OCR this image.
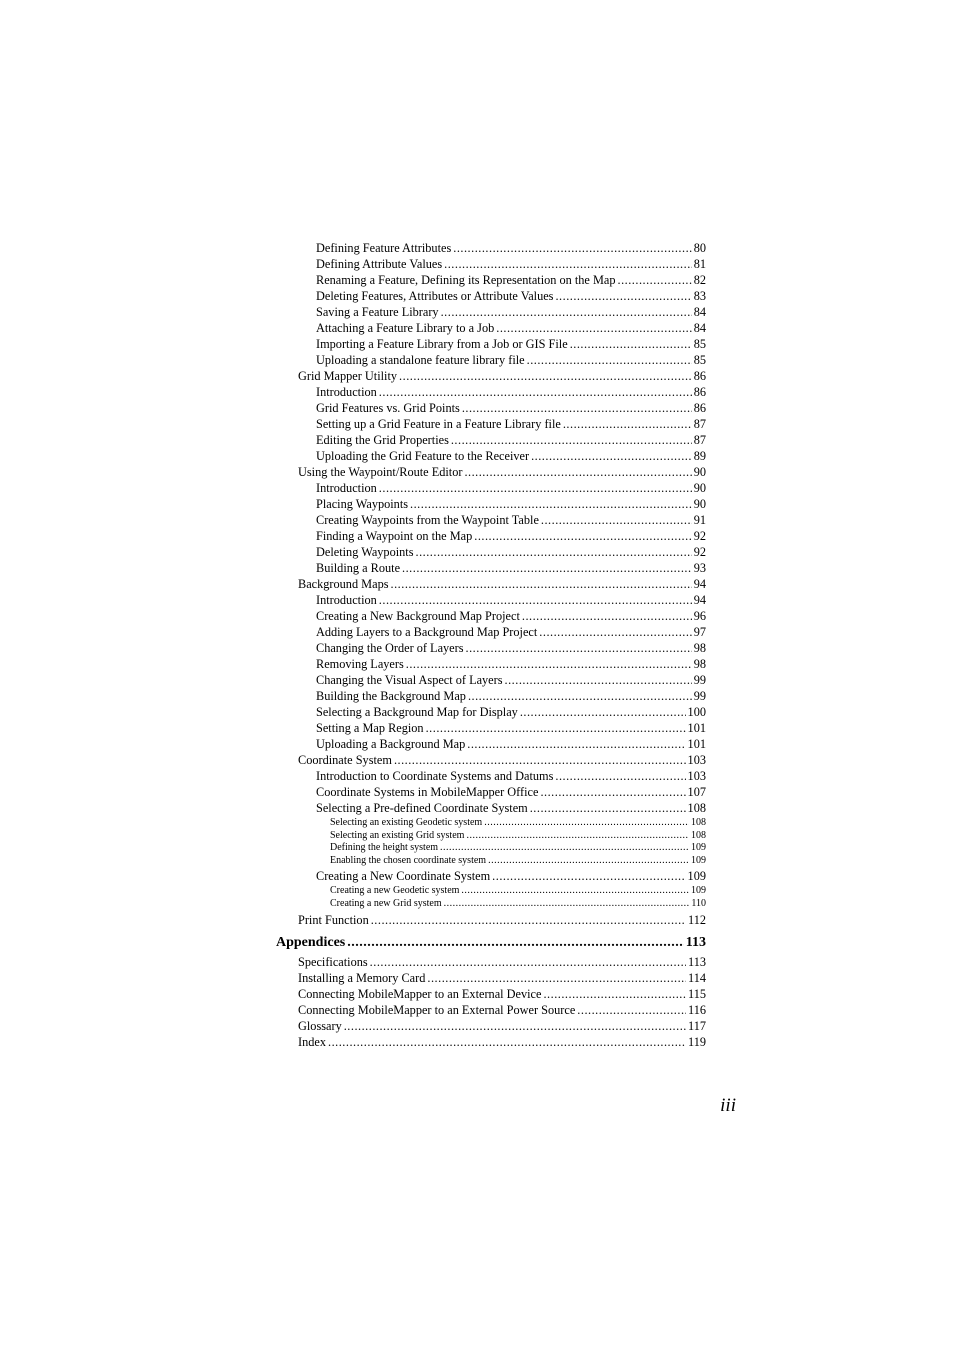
Defining Feature Attributes .....	80
Defining Attribute Values .....	81
Renaming a Feature, Defining its Representation on the Map .....	82
Deleting Features, Attributes or Attribute Values .....	83
Saving a Feature Library .....	84
Attaching a Feature Library to a Job .....	84
Importing a Feature Library from a Job or GIS File .....	85
Uploading a standalone feature library file .....	85
Grid Mapper Utility .....	86
Introduction .....	86
Grid Features vs. Grid Points .....	86
Setting up a Grid Feature in a Feature Library file .....	87
Editing the Grid Properties .....	87
Uploading the Grid Feature to the Receiver .....	89
Using the Waypoint/Route Editor .....	90
Introduction .....	90
Placing Waypoints .....	90
Creating Waypoints from the Waypoint Table .....	91
Finding a Waypoint on the Map .....	92
Deleting Waypoints .....	92
Building a Route .....	93
Background Maps .....	94
Introduction .....	94
Creating a New Background Map Project .....	96
Adding Layers to a Background Map Project .....	97
Changing the Order of Layers .....	98
Removing Layers .....	98
Changing the Visual Aspect of Layers .....	99
Building the Background Map .....	99
Selecting a Background Map for Display .....	100
Setting a Map Region .....	101
Uploading a Background Map .....	101
Coordinate System .....	103
Introduction to Coordinate Systems and Datums .....	103
Coordinate Systems in MobileMapper Office .....	107
Selecting a Pre-defined Coordinate System .....	108
Selecting an existing Geodetic system .....	108
Selecting an existing Grid system .....	108
Defining the height system .....	109
Enabling the chosen coordinate system .....	109
Creating a New Coordinate System .....	109
Creating a new Geodetic system .....	109
Creating a new Grid system .....	110
Print Function .....	112
Appendices .....	113
Specifications .....	113
Installing a Memory Card .....	114
Connecting MobileMapper to an External Device .....	115
Connecting MobileMapper to an External Power Source .....	116
Glossary .....	117
Index .....	119
iii
